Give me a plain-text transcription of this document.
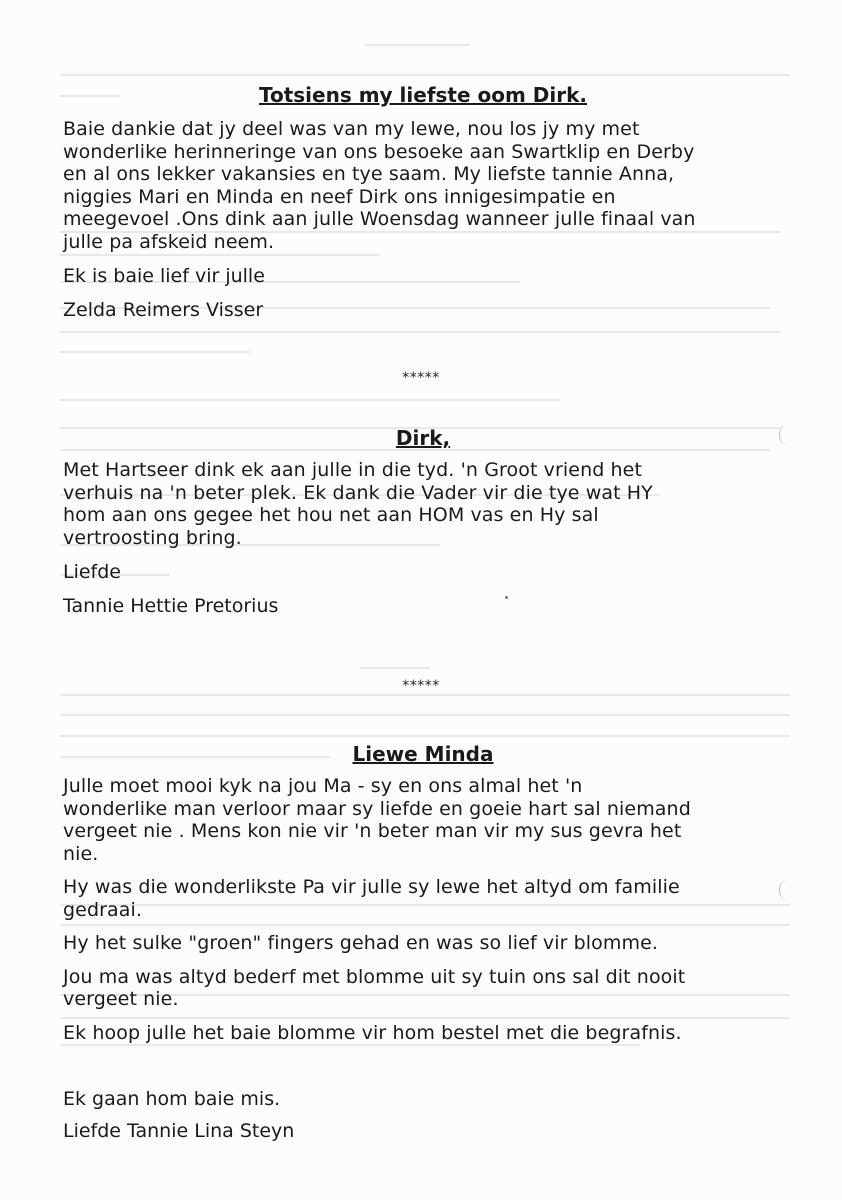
Totsiens my liefste oom Dirk.

Baie dankie dat jy deel was van my lewe, nou los jy my met

wonderlike herinneringe van ons besoeke aan Swartklip en Derby

en al ons lekker vakansies en tye saam. My liefste tannie Anna,

niggies Mari en Minda en neef Dirk ons innigesimpatie en

meegevoel .Ons dink aan julle Woensdag wanneer julle finaal van

julle pa afskeid neem.

Ek is baie lief vir julle

Zelda Reimers Visser

*****

Dirk,

Met Hartseer dink ek aan julle in die tyd. 'n Groot vriend het

verhuis na 'n beter plek. Ek dank die Vader vir die tye wat HY

hom aan ons gegee het hou net aan HOM vas en Hy sal

vertroosting bring.

Liefde

Tannie Hettie Pretorius

*****

Liewe Minda

Julle moet mooi kyk na jou Ma - sy en ons almal het 'n

wonderlike man verloor maar sy liefde en goeie hart sal niemand

vergeet nie . Mens kon nie vir 'n beter man vir my sus gevra het

nie.

Hy was die wonderlikste Pa vir julle sy lewe het altyd om familie

gedraai.

Hy het sulke "groen" fingers gehad en was so lief vir blomme.

Jou ma was altyd bederf met blomme uit sy tuin ons sal dit nooit

vergeet nie.

Ek hoop julle het baie blomme vir hom bestel met die begrafnis.

Ek gaan hom baie mis.

Liefde Tannie Lina Steyn
